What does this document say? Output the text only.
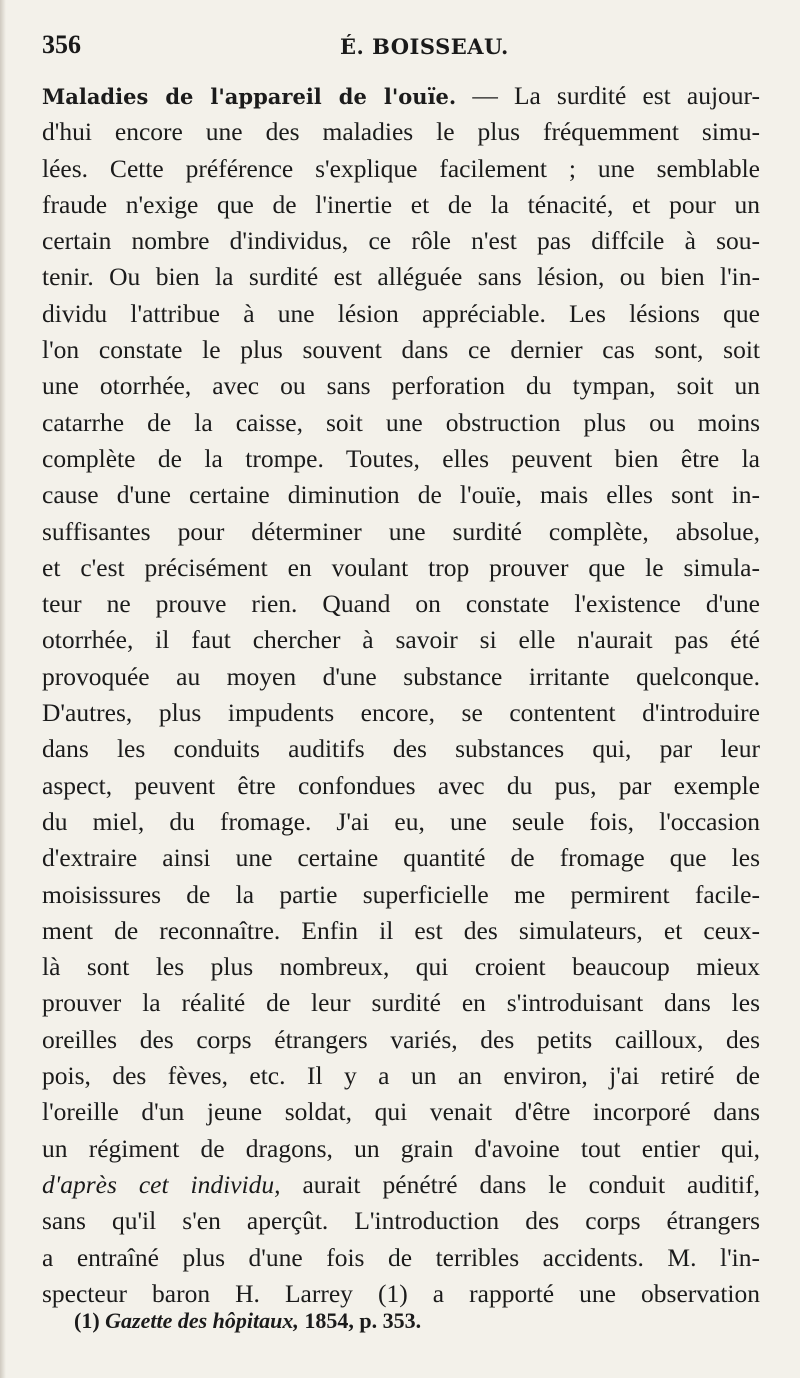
356	É. BOISSEAU.
Maladies de l'appareil de l'ouïe. — La surdité est aujour-
d'hui encore une des maladies le plus fréquemment simu-
lées. Cette préférence s'explique facilement ; une semblable
fraude n'exige que de l'inertie et de la ténacité, et pour un
certain nombre d'individus, ce rôle n'est pas diffcile à sou-
tenir. Ou bien la surdité est alléguée sans lésion, ou bien l'in-
dividu l'attribue à une lésion appréciable. Les lésions que
l'on constate le plus souvent dans ce dernier cas sont, soit
une otorrhée, avec ou sans perforation du tympan, soit un
catarrhe de la caisse, soit une obstruction plus ou moins
complète de la trompe. Toutes, elles peuvent bien être la
cause d'une certaine diminution de l'ouïe, mais elles sont in-
suffisantes pour déterminer une surdité complète, absolue,
et c'est précisément en voulant trop prouver que le simula-
teur ne prouve rien. Quand on constate l'existence d'une
otorrhée, il faut chercher à savoir si elle n'aurait pas été
provoquée au moyen d'une substance irritante quelconque.
D'autres, plus impudents encore, se contentent d'introduire
dans les conduits auditifs des substances qui, par leur
aspect, peuvent être confondues avec du pus, par exemple
du miel, du fromage. J'ai eu, une seule fois, l'occasion
d'extraire ainsi une certaine quantité de fromage que les
moisissures de la partie superficielle me permirent facile-
ment de reconnaître. Enfin il est des simulateurs, et ceux-
là sont les plus nombreux, qui croient beaucoup mieux
prouver la réalité de leur surdité en s'introduisant dans les
oreilles des corps étrangers variés, des petits cailloux, des
pois, des fèves, etc. Il y a un an environ, j'ai retiré de
l'oreille d'un jeune soldat, qui venait d'être incorporé dans
un régiment de dragons, un grain d'avoine tout entier qui,
d'après cet individu, aurait pénétré dans le conduit auditif,
sans qu'il s'en aperçût. L'introduction des corps étrangers
a entraîné plus d'une fois de terribles accidents. M. l'in-
specteur baron H. Larrey (1) a rapporté une observation
(1) Gazette des hôpitaux, 1854, p. 353.
